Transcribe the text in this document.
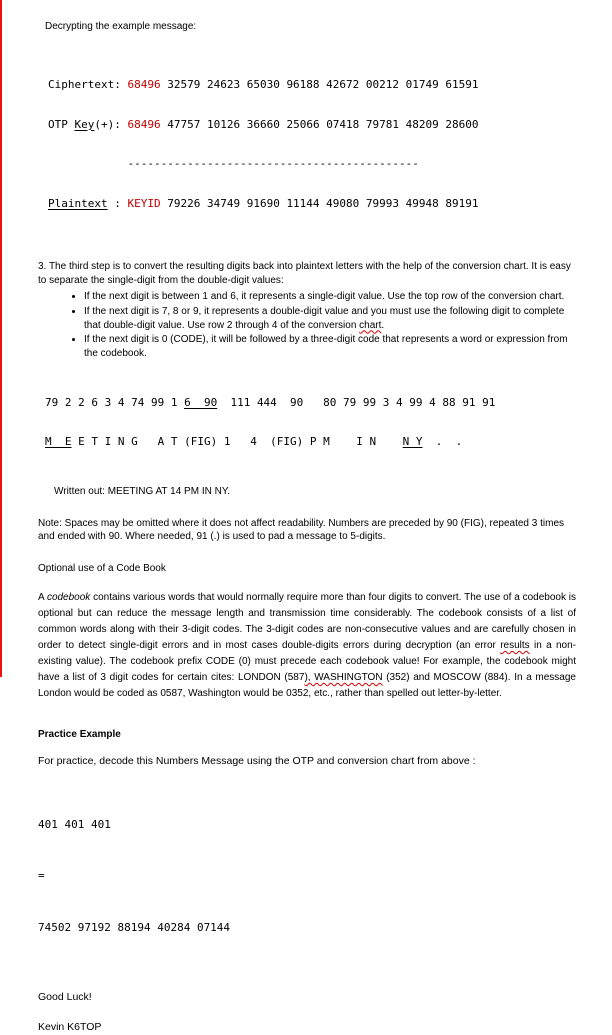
Decrypting the example message:

Ciphertext: 68496 32579 24623 65030 96188 42672 00212 01749 61591

OTP Key(+): 68496 47757 10126 36660 25066 07418 79781 48209 28600

--------------------------------------------

Plaintext : KEYID 79226 34749 91690 11144 49080 79993 49948 89191

3. The third step is to convert the resulting digits back into plaintext letters with the help of the conversion chart. It is easy to separate the single-digit from the double-digit values:

• If the next digit is between 1 and 6, it represents a single-digit value. Use the top row of the conversion chart.
• If the next digit is 7, 8 or 9, it represents a double-digit value and you must use the following digit to complete that double-digit value. Use row 2 through 4 of the conversion chart.
• If the next digit is 0 (CODE), it will be followed by a three-digit code that represents a word or expression from the codebook.

79 2 2 6 3 4 74 99 1 6  90  111 444  90   80 79 99 3 4 99 4 88 91 91

M  E E T I N G   A T (FIG) 1   4  (FIG) P M    I N    N Y  .  .

Written out: MEETING AT 14 PM IN NY.

Note: Spaces may be omitted where it does not affect readability. Numbers are preceded by 90 (FIG), repeated 3 times and ended with 90. Where needed, 91 (.) is used to pad a message to 5-digits.

Optional use of a Code Book

A codebook contains various words that would normally require more than four digits to convert. The use of a codebook is optional but can reduce the message length and transmission time considerably. The codebook consists of a list of common words along with their 3-digit codes. The 3-digit codes are non-consecutive values and are carefully chosen in order to detect single-digit errors and in most cases double-digits errors during decryption (an error results in a non-existing value). The codebook prefix CODE (0) must precede each codebook value! For example, the codebook might have a list of 3 digit codes for certain cites: LONDON (587), WASHINGTON (352) and MOSCOW (884). In a message London would be coded as 0587, Washington would be 0352, etc., rather than spelled out letter-by-letter.

Practice Example

For practice, decode this Numbers Message using the OTP and conversion chart from above :

401 401 401

=

74502 97192 88194 40284 07144

Good Luck!

Kevin K6TOP
